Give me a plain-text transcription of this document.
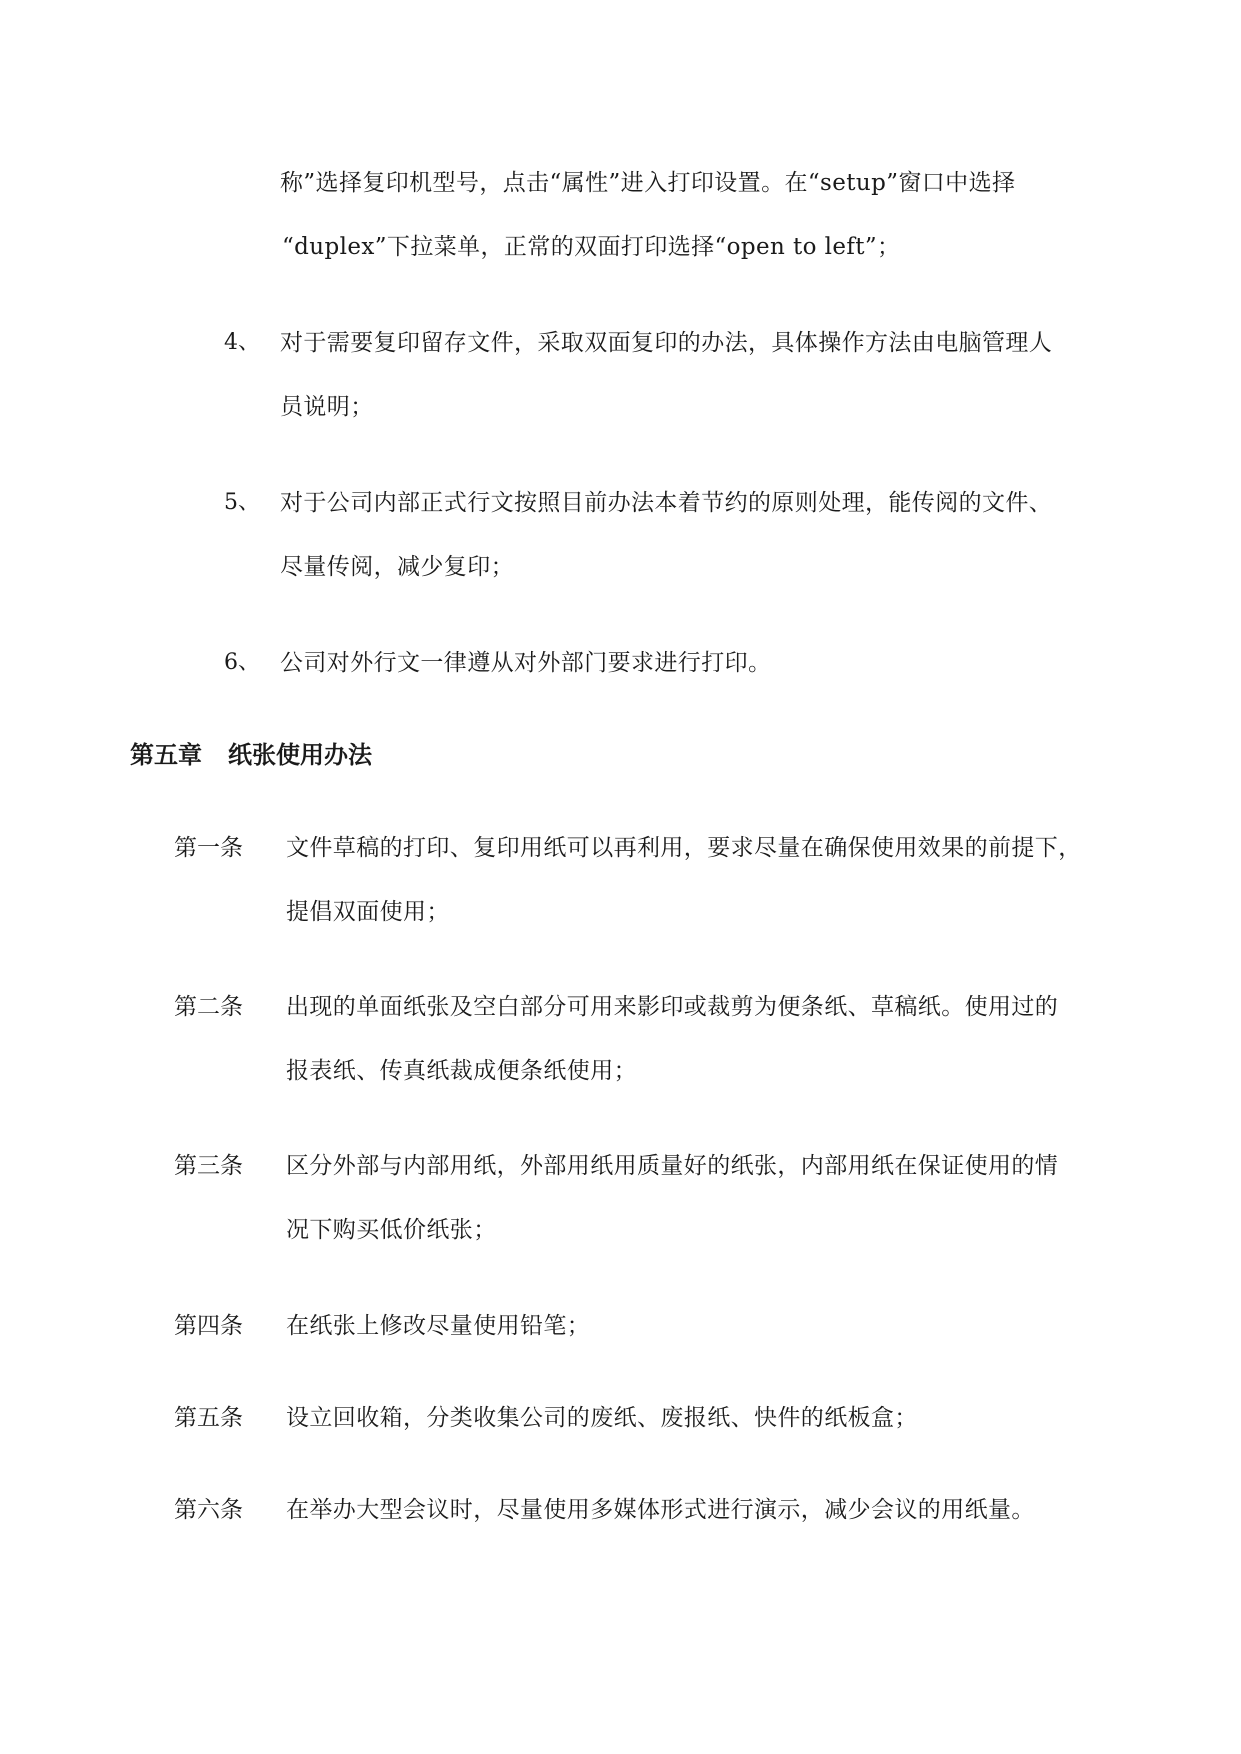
称”选择复印机型号，点击“属性”进入打印设置。在“setup”窗口中选择
“duplex”下拉菜单，正常的双面打印选择“open to left”；
4、 对于需要复印留存文件，采取双面复印的办法，具体操作方法由电脑管理人
员说明；
5、 对于公司内部正式行文按照目前办法本着节约的原则处理，能传阅的文件、
尽量传阅，减少复印；
6、 公司对外行文一律遵从对外部门要求进行打印。
第五章 纸张使用办法
第一条 文件草稿的打印、复印用纸可以再利用，要求尽量在确保使用效果的前提下，
提倡双面使用；
第二条 出现的单面纸张及空白部分可用来影印或裁剪为便条纸、草稿纸。使用过的
报表纸、传真纸裁成便条纸使用；
第三条 区分外部与内部用纸，外部用纸用质量好的纸张，内部用纸在保证使用的情
况下购买低价纸张；
第四条 在纸张上修改尽量使用铅笔；
第五条 设立回收箱，分类收集公司的废纸、废报纸、快件的纸板盒；
第六条 在举办大型会议时，尽量使用多媒体形式进行演示，减少会议的用纸量。
